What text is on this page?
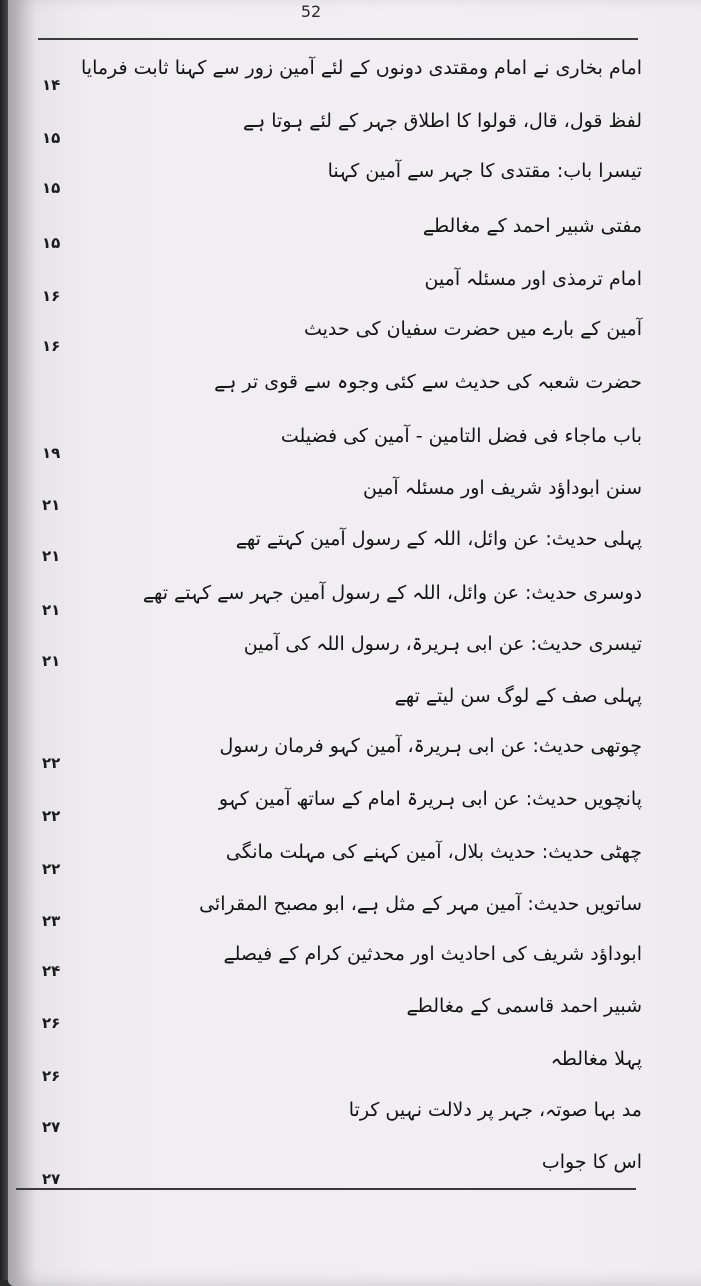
52
امام بخاری نے امام ومقتدی دونوں کے لئے آمین زور سے کہنا ثابت فرمایا
۱۴
لفظ قول، قال، قولوا کا اطلاق جہر کے لئے ہوتا ہے
۱۵
تیسرا باب: مقتدی کا جہر سے آمین کہنا
۱۵
مفتی شبیر احمد کے مغالطے
۱۵
امام ترمذی اور مسئلہ آمین
۱۶
آمین کے بارے میں حضرت سفیان کی حدیث
۱۶
حضرت شعبہ کی حدیث سے کئی وجوہ سے قوی تر ہے
باب ماجاء فی فضل التامین - آمین کی فضیلت
۱۹
سنن ابوداؤد شریف اور مسئلہ آمین
۲۱
پہلی حدیث: عن وائل، اللہ کے رسول آمین کہتے تھے
۲۱
دوسری حدیث: عن وائل، اللہ کے رسول آمین جہر سے کہتے تھے
۲۱
تیسری حدیث: عن ابی ہریرۃ، رسول اللہ کی آمین
۲۱
پہلی صف کے لوگ سن لیتے تھے
چوتھی حدیث: عن ابی ہریرۃ، آمین کہو فرمان رسول
۲۲
پانچویں حدیث: عن ابی ہریرۃ امام کے ساتھ آمین کہو
۲۲
چھٹی حدیث: حدیث بلال، آمین کہنے کی مہلت مانگی
۲۲
ساتویں حدیث: آمین مہر کے مثل ہے، ابو مصبح المقرائی
۲۳
ابوداؤد شریف کی احادیث اور محدثین کرام کے فیصلے
۲۴
شبیر احمد قاسمی کے مغالطے
۲۶
پہلا مغالطہ
۲۶
مد بہا صوتہ، جہر پر دلالت نہیں کرتا
۲۷
اس کا جواب
۲۷
